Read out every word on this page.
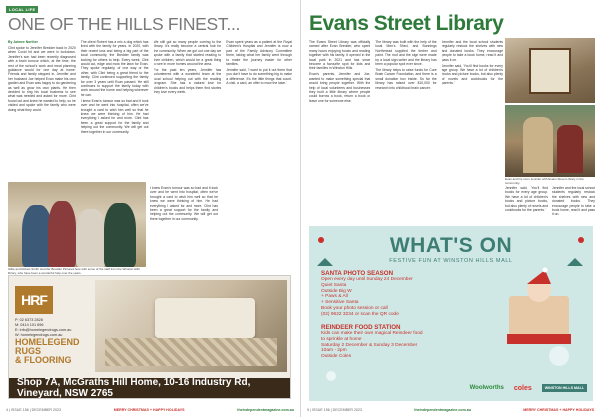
LOCAL LIFE
ONE OF THE HILLS FINEST...

By Jaimee Norther

Clint spoke to Jennifer Bredder back in 2020 when Covid hit and we were in lockdown. Jennifer's son had been recently diagnosed with a brain tumour which, at the time, the rest of the school's work and meal planning guidance would for one day at home. Friends and family stepped in. Jennifer and her husband Joe helped Evan make his own garden and Evan was happy to do gardening as well as grow his own plants. He then decided to ring his local business to see what was needed and asked for more. Clint found out and knew he wanted to help, so he visited and spoke with the family who were doing what they could.

The client Robert has a mix a dog which has lived with the family for years. In 2020, with their recent loss and being a big part of the local community, the Bredder family was looking for others to help. Every week, Clint would cut, edge and mow the lawn for Evan. They spoke regularly, of one way or the other, with Clint being a great friend to the family. Clint continued supporting the family for over 3 years until Evan passed. He still continues to support the family today with work around the home and helping wherever he can.

I knew Evan's tumour was so bad and it took over and he went into hospital, often we've brought a card to wish him well so that he knew we were thinking of him. He had everything I asked for and more. Clint has been a great support for the family and helping out the community. We will get out there together in our community.

We still got so many people coming to the library. It's really become a central hub for the community. When we got out one day we spoke with a family that started reading to their children, which would be a great thing to see in more homes around the area.

For the past ten years, Jennifer has volunteered with a wonderful team at the local school helping out with the reading program. She has a natural love for children's books and helps them find stories they love every week.

Evan spent years as a patient at the Royal Children's Hospital and Jennifer is now a part of the Family Advisory Committee there, taking what her family went through to make the journey easier for other families.

Jennifer said, 'I want to put it out there that you don't have to do something big to make a difference. It's the little things that count. A visit, a card, an offer to mow the lawn.'

Gillie and Robert-Smith Jennifer Bredder Pictured here with some of the staff from the Winston Hills library, who have been a wonderful help over the years.

I knew Evan's tumour was so bad and it took over and he went into hospital, often we've brought a card to wish him well so that he knew we were thinking of him. He had everything I asked for and more. Clint has been a great support for the family and helping out the community. We will get out there together in our community.

HRF
P: 02 6373 2828
M: 0414 101 696
E: info@homelegendrugs.com.au
W: homelegendrugs.com.au
HOMELEGEND
RUGS
& FLOORING
Shop 7A, McGraths Hill Home, 10-16 Industry Rd, Vineyard, NSW 2765
4 | ISSUE 156 | DECEMBER 2023	MERRY CHRISTMAS + HAPPY HOLIDAYS	theindependentmagazine.com.au
Evans Street Library

The Evans Street Library was officially named after Evan Bredder, who spent many hours enjoying books and reading together with his family. It opened in the local park in 2021 and has since become a favourite spot for kids and their families in Winston Hills.

Evan's parents, Jennifer and Joe, wanted to make something special that would bring people together. With the help of local volunteers and businesses they built a little library where people could borrow a book, return a book or leave one for someone else.

The library was built with the help of the local Men's Shed, and Bunnings Northmead supplied the timber and paint. The roof and the sign were made by a local sign-writer and the library has been a popular spot ever since.

The library helps to raise funds for Cure Brain Cancer Foundation, and there is a small donation box inside. So far the library has raised over $10,000 for research into childhood brain cancer.

Jennifer and the local school students regularly restock the shelves with new and donated books. They encourage people to take a book home, read it and pass it on.

Jennifer said, 'You'll find books for every age group. We have a lot of children's books and picture books, but also plenty of novels and cookbooks for the parents.'

Evan and his mum Jennifer with Evans Street Library in the community.

Jennifer said, 'You'll find books for every age group. We have a lot of children's books and picture books, but also plenty of novels and cookbooks for the parents.'

Jennifer and the local school students regularly restock the shelves with new and donated books. They encourage people to take a book home, read it and pass it on.

WHAT'S ON
FESTIVE FUN AT WINSTON HILLS MALL
SANTA PHOTO SEASON
Open every day until Sunday 24 December
Quiet Santa
Outside Big W
+ Paws & All
+ Sensitive Santa
Book your photo session or call
(02) 9622 3234 or scan the QR code
REINDEER FOOD STATION
Kids can make their own magical Reindeer food
to sprinkle at home
Saturday 2 December & Sunday 3 December
10am - 2pm
Outside Coles
Woolworths coles	WINSTON HILLS MALL
5 | ISSUE 156 | DECEMBER 2023	theindependentmagazine.com.au	MERRY CHRISTMAS + HAPPY HOLIDAYS
